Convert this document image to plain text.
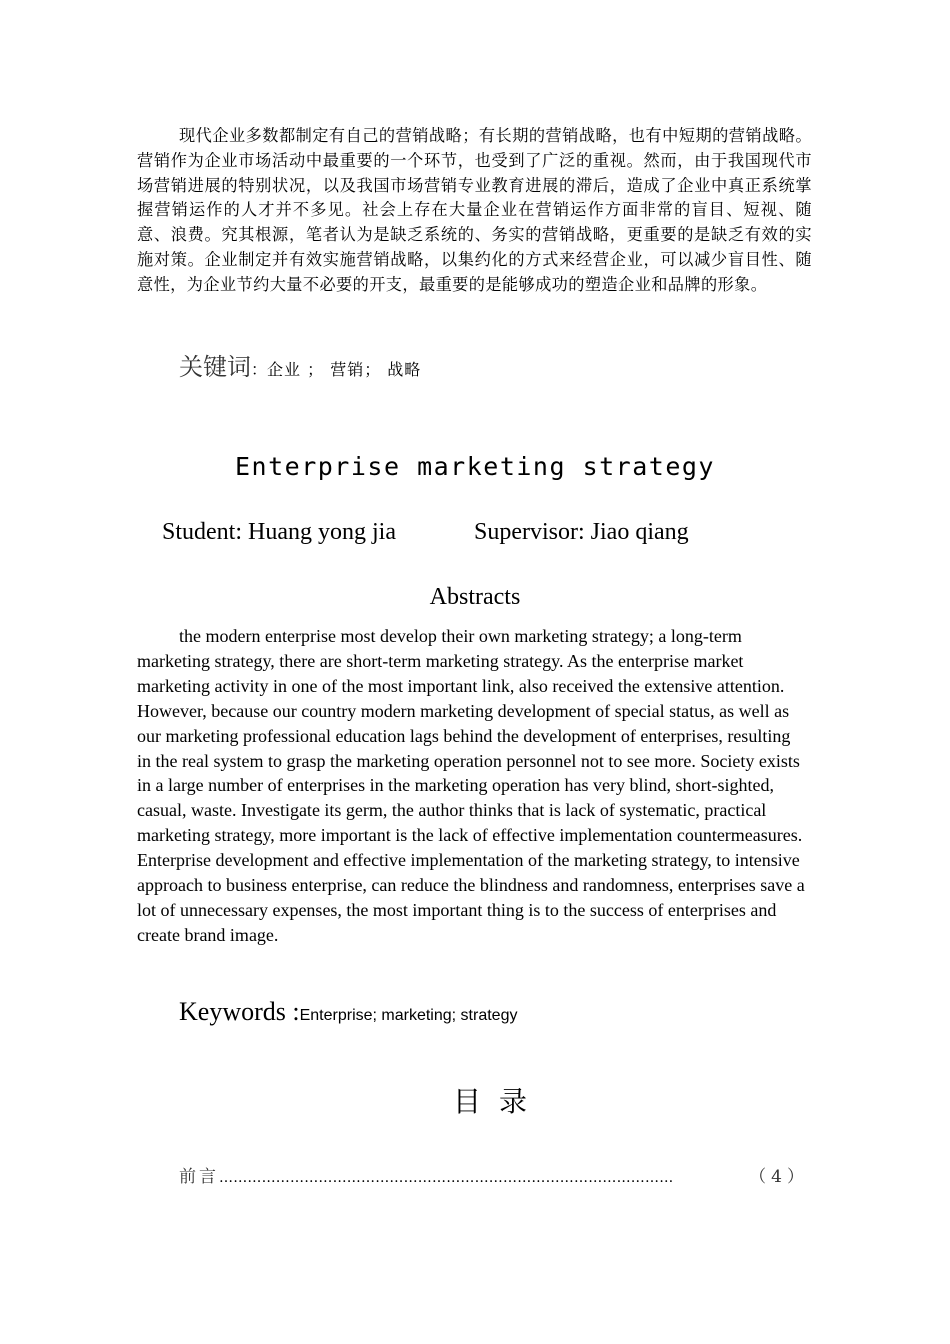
现代企业多数都制定有自己的营销战略；有长期的营销战略，也有中短期的营销战略。营销作为企业市场活动中最重要的一个环节，也受到了广泛的重视。然而，由于我国现代市场营销进展的特别状况，以及我国市场营销专业教育进展的滞后，造成了企业中真正系统掌握营销运作的人才并不多见。社会上存在大量企业在营销运作方面非常的盲目、短视、随意、浪费。究其根源，笔者认为是缺乏系统的、务实的营销战略，更重要的是缺乏有效的实施对策。企业制定并有效实施营销战略，以集约化的方式来经营企业，可以减少盲目性、随意性，为企业节约大量不必要的开支，最重要的是能够成功的塑造企业和品牌的形象。

关键词：企业 ； 营销； 战略
Enterprise marketing strategy
Student: Huang yong jia	Supervisor: Jiao qiang
Abstracts

the modern enterprise most develop their own marketing strategy; a long-term marketing strategy, there are short-term marketing strategy. As the enterprise market marketing activity in one of the most important link, also received the extensive attention. However, because our country modern marketing development of special status, as well as our marketing professional education lags behind the development of enterprises, resulting in the real system to grasp the marketing operation personnel not to see more. Society exists in a large number of enterprises in the marketing operation has very blind, short-sighted, casual, waste. Investigate its germ, the author thinks that is lack of systematic, practical marketing strategy, more important is the lack of effective implementation countermeasures. Enterprise development and effective implementation of the marketing strategy, to intensive approach to business enterprise, can reduce the blindness and randomness, enterprises save a lot of unnecessary expenses, the most important thing is to the success of enterprises and create brand image.

Keywords :Enterprise; marketing; strategy
目录
前言 ……………………………………………………………………………………	（4）
